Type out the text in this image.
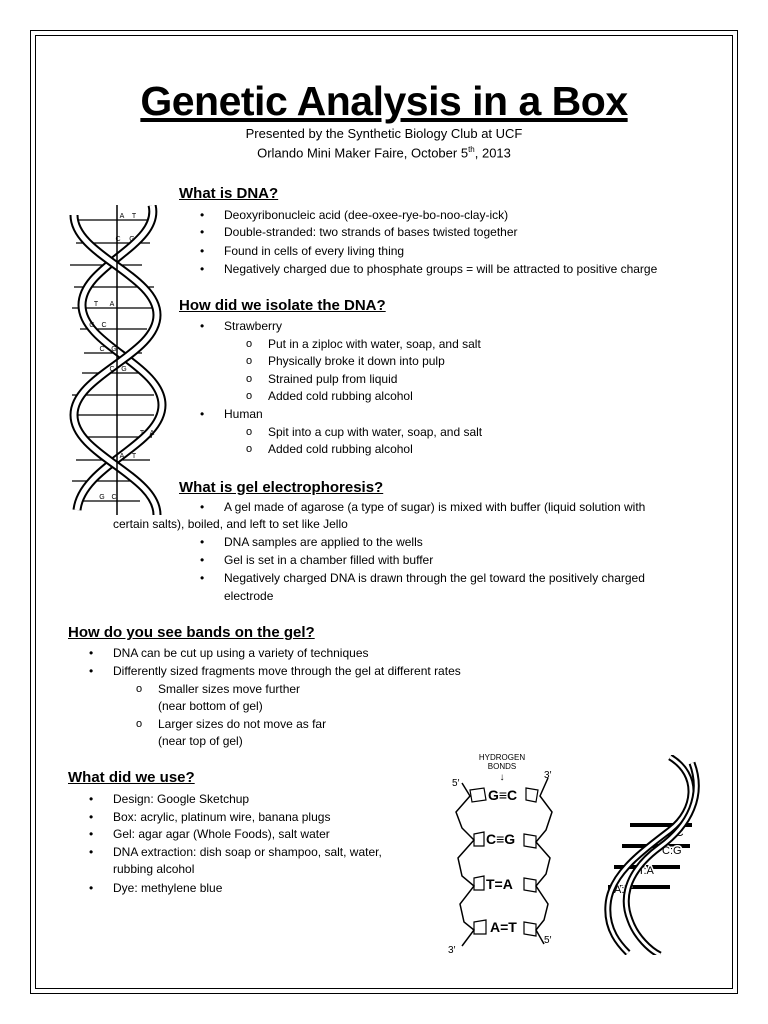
Genetic Analysis in a Box
Presented by the Synthetic Biology Club at UCF
Orlando Mini Maker Faire, October 5th, 2013
A T
C G
T A
G C
C G
C G
T A
A T
G C
What is DNA?
• Deoxyribonucleic acid (dee-oxee-rye-bo-noo-clay-ick)
• Double-stranded: two strands of bases twisted together
• Found in cells of every living thing
• Negatively charged due to phosphate groups = will be attracted to positive charge
How did we isolate the DNA?
• Strawberry
o Put in a ziploc with water, soap, and salt
o Physically broke it down into pulp
o Strained pulp from liquid
o Added cold rubbing alcohol
• Human
o Spit into a cup with water, soap, and salt
o Added cold rubbing alcohol
What is gel electrophoresis?
• A gel made of agarose (a type of sugar) is mixed with buffer (liquid solution with
certain salts), boiled, and left to set like Jello
• DNA samples are applied to the wells
• Gel is set in a chamber filled with buffer
• Negatively charged DNA is drawn through the gel toward the positively charged
electrode
How do you see bands on the gel?
• DNA can be cut up using a variety of techniques
• Differently sized fragments move through the gel at different rates
o Smaller sizes move further
(near bottom of gel)
o Larger sizes do not move as far
(near top of gel)
What did we use?
• Design: Google Sketchup
• Box: acrylic, platinum wire, banana plugs
• Gel: agar agar (Whole Foods), salt water
• DNA extraction: dish soap or shampoo, salt, water,
rubbing alcohol
• Dye: methylene blue
HYDROGEN
BONDS
↓
5′
3′
3′
5′
G≡C
C≡G
T=A
A=T
G:C
C:G
T:A
A:T
